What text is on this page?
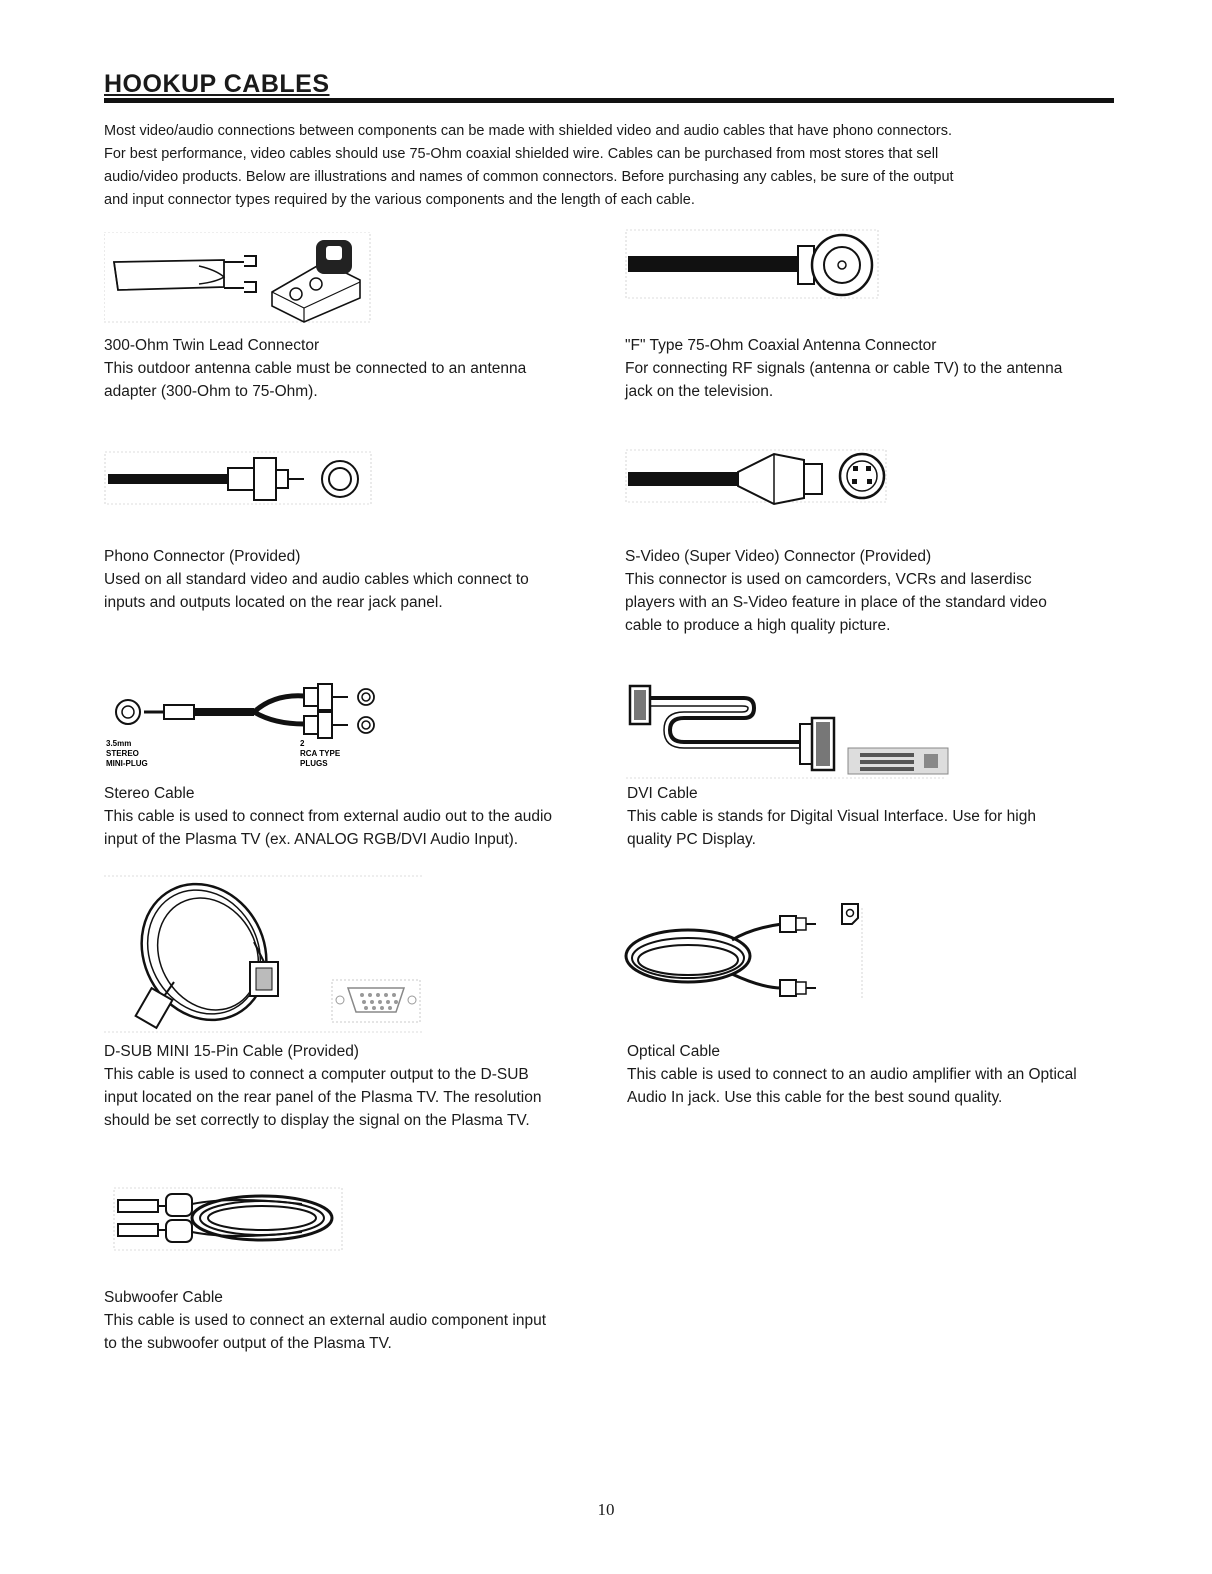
HOOKUP CABLES

Most video/audio connections between components can be made with shielded video and audio cables that have phono connectors.

For best performance, video cables should use 75-Ohm coaxial shielded wire. Cables can be purchased from most stores that sell

audio/video products. Below are illustrations and names of common connectors. Before purchasing any cables, be sure of the output

and input connector types required by the various components and the length of each cable.

300-Ohm Twin Lead Connector
This outdoor antenna cable must be connected to an antenna
adapter (300-Ohm to 75-Ohm).
"F" Type 75-Ohm Coaxial Antenna Connector
For connecting RF signals (antenna or cable TV) to the antenna
jack on the television.
Phono Connector (Provided)
Used on all standard video and audio cables which connect to
inputs and outputs located on the rear jack panel.
S-Video (Super Video) Connector (Provided)
This connector is used on camcorders, VCRs and laserdisc
players with an S-Video feature in place of the standard video
cable to produce a high quality picture.
3.5mm
STEREO
MINI-PLUG
2
RCA TYPE
PLUGS
Stereo Cable
This cable is used to connect from external audio out to the audio
input of the Plasma TV (ex. ANALOG RGB/DVI Audio Input).
DVI Cable
This cable is stands for Digital Visual Interface. Use for high
quality PC Display.
D-SUB MINI 15-Pin Cable (Provided)
This cable is used to connect a computer output to the D-SUB
input located on the rear panel of the Plasma TV. The resolution
should be set correctly to display the signal on the Plasma TV.
Optical Cable
This cable is used to connect to an audio amplifier with an Optical
Audio In jack. Use this cable for the best sound quality.
Subwoofer Cable
This cable is used to connect an external audio component input
to the subwoofer output of the Plasma TV.
10
